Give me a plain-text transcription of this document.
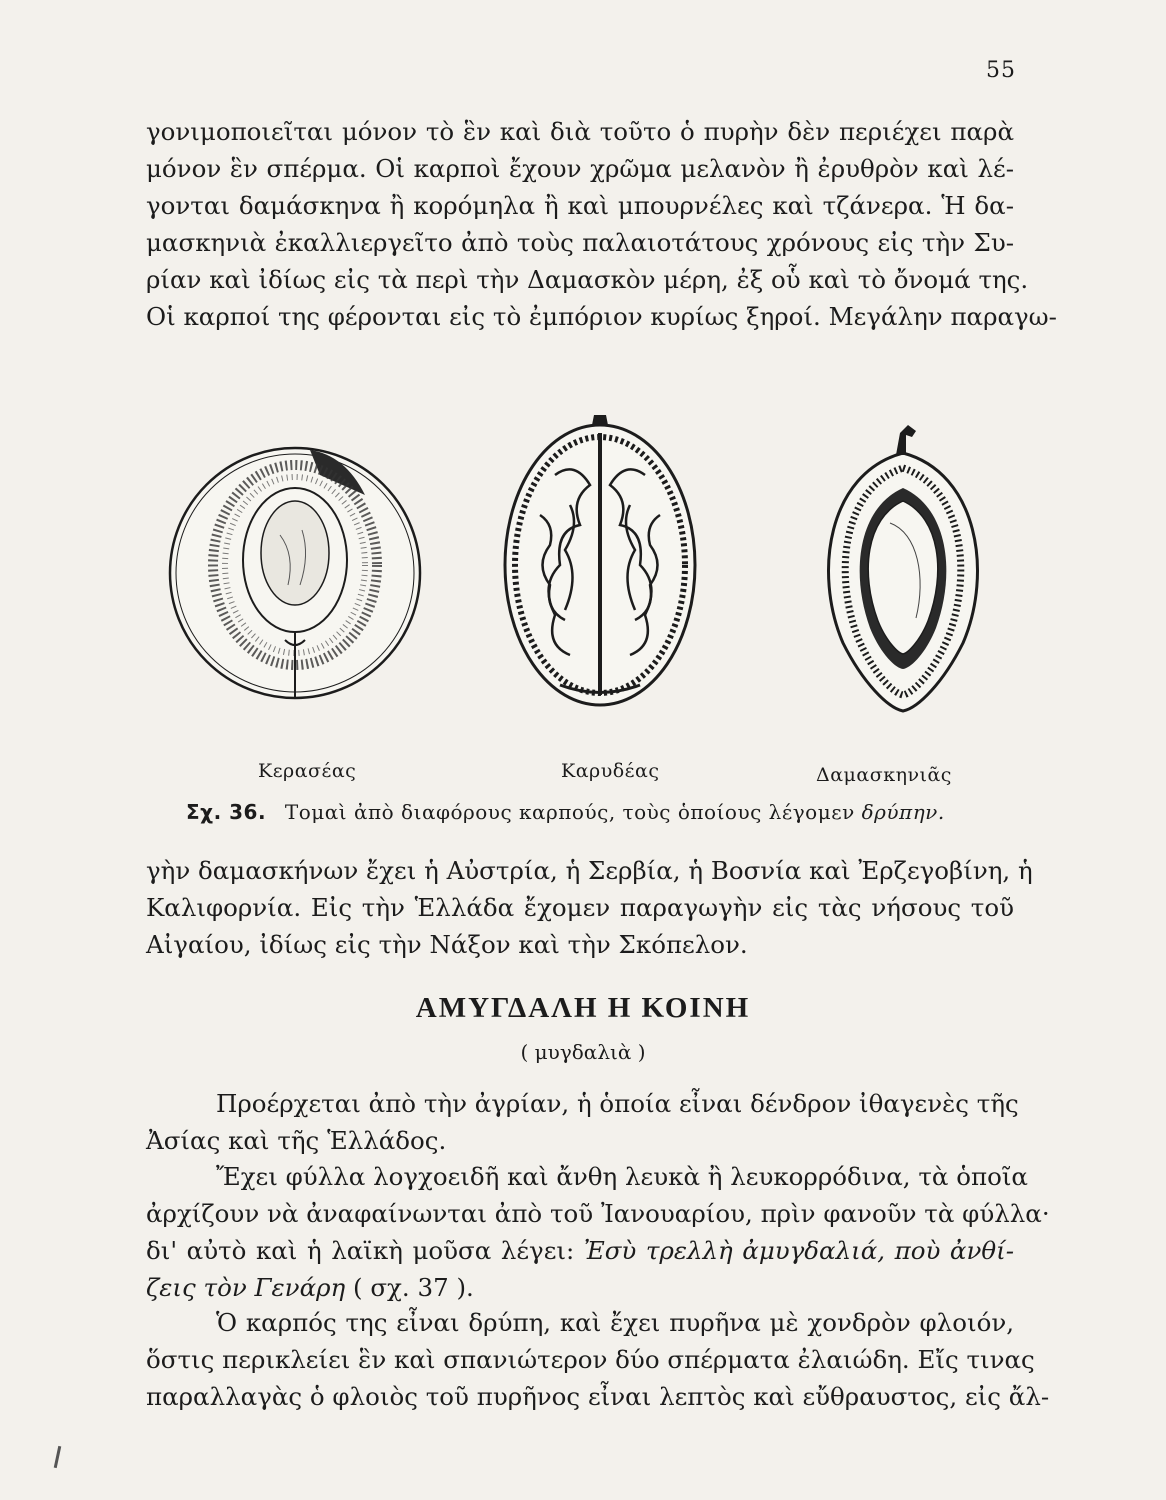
55
γονιμοποιεῖται μόνον τὸ ἓν καὶ διὰ τοῦτο ὁ πυρὴν δὲν περιέχει παρὰ
μόνον ἓν σπέρμα. Οἱ καρποὶ ἔχουν χρῶμα μελανὸν ἢ ἐρυθρὸν καὶ λέ-
γονται δαμάσκηνα ἢ κορόμηλα ἢ καὶ μπουρνέλες καὶ τζάνερα. Ἡ δα-
μασκηνιὰ ἐκαλλιεργεῖτο ἀπὸ τοὺς παλαιοτάτους χρόνους εἰς τὴν Συ-
ρίαν καὶ ἰδίως εἰς τὰ περὶ τὴν Δαμασκὸν μέρη, ἐξ οὗ καὶ τὸ ὄνομά της.
Οἱ καρποί της φέρονται εἰς τὸ ἐμπόριον κυρίως ξηροί. Μεγάλην παραγω-
Κερασέας	Καρυδέας	Δαμασκηνιᾶς
Σχ. 36. Τομαὶ ἀπὸ διαφόρους καρπούς, τοὺς ὁποίους λέγομεν δρύπην.
γὴν δαμασκήνων ἔχει ἡ Αὐστρία, ἡ Σερβία, ἡ Βοσνία καὶ Ἐρζεγοβίνη, ἡ
Καλιφορνία. Εἰς τὴν Ἑλλάδα ἔχομεν παραγωγὴν εἰς τὰς νήσους τοῦ
Αἰγαίου, ἰδίως εἰς τὴν Νάξον καὶ τὴν Σκόπελον.
ΑΜΥΓΔΑΛΗ Η ΚΟΙΝΗ

( μυγδαλιὰ )

Προέρχεται ἀπὸ τὴν ἀγρίαν, ἡ ὁποία εἶναι δένδρον ἰθαγενὲς τῆς
Ἀσίας καὶ τῆς Ἑλλάδος.
Ἔχει φύλλα λογχοειδῆ καὶ ἄνθη λευκὰ ἢ λευκορρόδινα, τὰ ὁποῖα
ἀρχίζουν νὰ ἀναφαίνωνται ἀπὸ τοῦ Ἰανουαρίου, πρὶν φανοῦν τὰ φύλλα·
δι' αὐτὸ καὶ ἡ λαϊκὴ μοῦσα λέγει: Ἐσὺ τρελλὴ ἀμυγδαλιά, ποὺ ἀνθί-
ζεις τὸν Γενάρη ( σχ. 37 ).
Ὁ καρπός της εἶναι δρύπη, καὶ ἔχει πυρῆνα μὲ χονδρὸν φλοιόν,
ὅστις περικλείει ἓν καὶ σπανιώτερον δύο σπέρματα ἐλαιώδη. Εἴς τινας
παραλλαγὰς ὁ φλοιὸς τοῦ πυρῆνος εἶναι λεπτὸς καὶ εὔθραυστος, εἰς ἄλ-
